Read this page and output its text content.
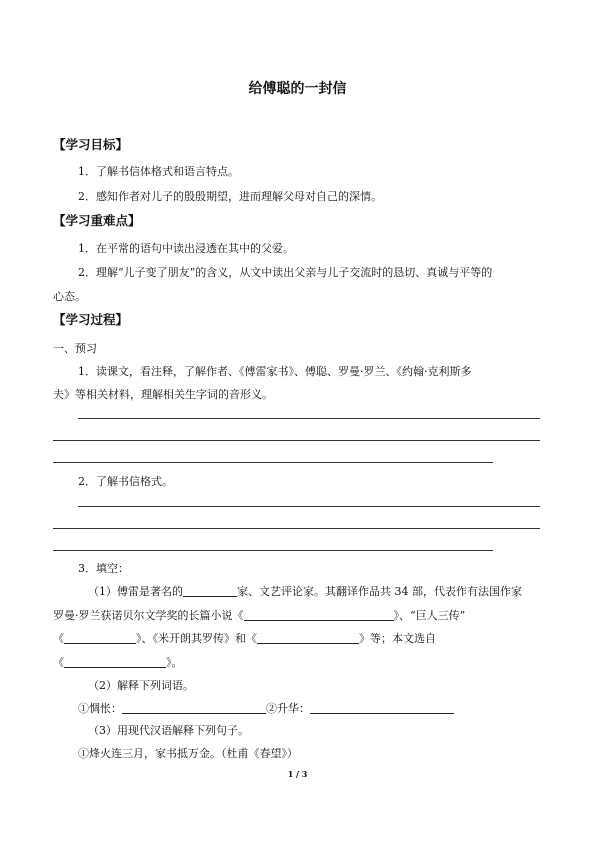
给傅聪的一封信
【学习目标】
1．了解书信体格式和语言特点。
2．感知作者对儿子的殷殷期望，进而理解父母对自己的深情。
【学习重难点】
1．在平常的语句中读出浸透在其中的父爱。
2．理解“儿子变了朋友”的含义，从文中读出父亲与儿子交流时的恳切、真诚与平等的
心态。
【学习过程】
一、预习
1．读课文，看注释，了解作者、《傅雷家书》、傅聪、罗曼·罗兰、《约翰·克利斯多
夫》等相关材料，理解相关生字词的音形义。
2．了解书信格式。
3．填空：
（1）傅雷是著名的	家、文艺评论家。其翻译作品共 34 部，代表作有法国作家
罗曼·罗兰获诺贝尔文学奖的长篇小说《	》、“巨人三传”
《	》、《米开朗其罗传》和《	》等；本文选自
《	》。
（2）解释下列词语。
①惆怅：	②升华：
（3）用现代汉语解释下列句子。
①烽火连三月，家书抵万金。（杜甫《春望》）
1 / 3
